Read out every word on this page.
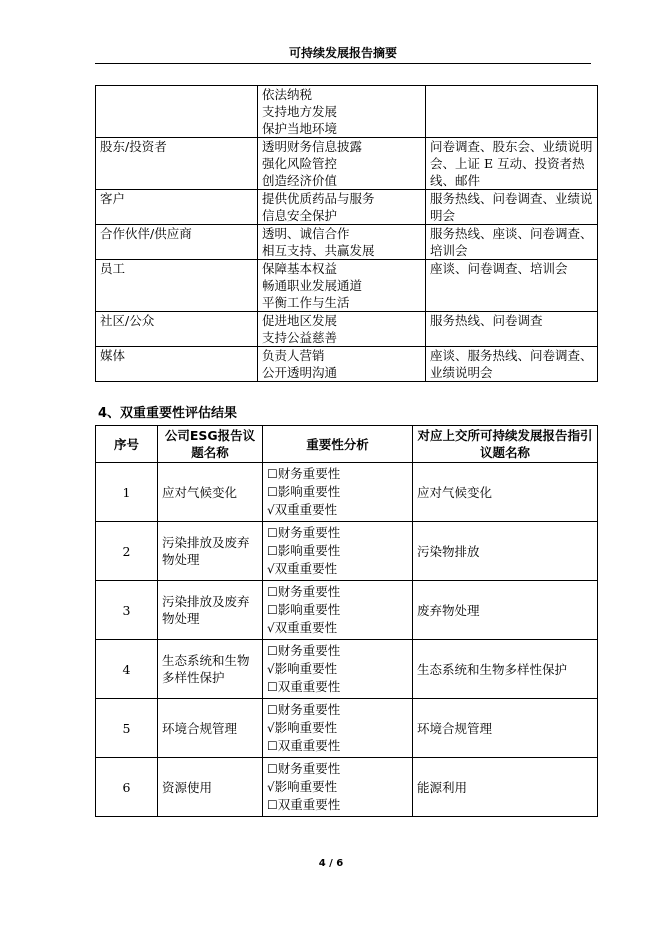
可持续发展报告摘要

	依法纳税
支持地方发展
保护当地环境	

股东/投资者	透明财务信息披露
强化风险管控
创造经济价值	问卷调查、股东会、业绩说明会、上证 E 互动、投资者热线、邮件
客户	提供优质药品与服务
信息安全保护	服务热线、问卷调查、业绩说明会
合作伙伴/供应商	透明、诚信合作
相互支持、共赢发展	服务热线、座谈、问卷调查、培训会
员工	保障基本权益
畅通职业发展通道
平衡工作与生活	座谈、问卷调查、培训会
社区/公众	促进地区发展
支持公益慈善	服务热线、问卷调查
媒体	负责人营销
公开透明沟通	座谈、服务热线、问卷调查、业绩说明会
4、双重重要性评估结果
序号	公司ESG报告议题名称	重要性分析	对应上交所可持续发展报告指引议题名称
1	应对气候变化	☐财务重要性
☐影响重要性
√双重重要性	应对气候变化
2	污染排放及废弃物处理	☐财务重要性
☐影响重要性
√双重重要性	污染物排放
3	污染排放及废弃物处理	☐财务重要性
☐影响重要性
√双重重要性	废弃物处理
4	生态系统和生物多样性保护	☐财务重要性
√影响重要性
☐双重重要性	生态系统和生物多样性保护
5	环境合规管理	☐财务重要性
√影响重要性
☐双重重要性	环境合规管理
6	资源使用	☐财务重要性
√影响重要性
☐双重重要性	能源利用
4 / 6
